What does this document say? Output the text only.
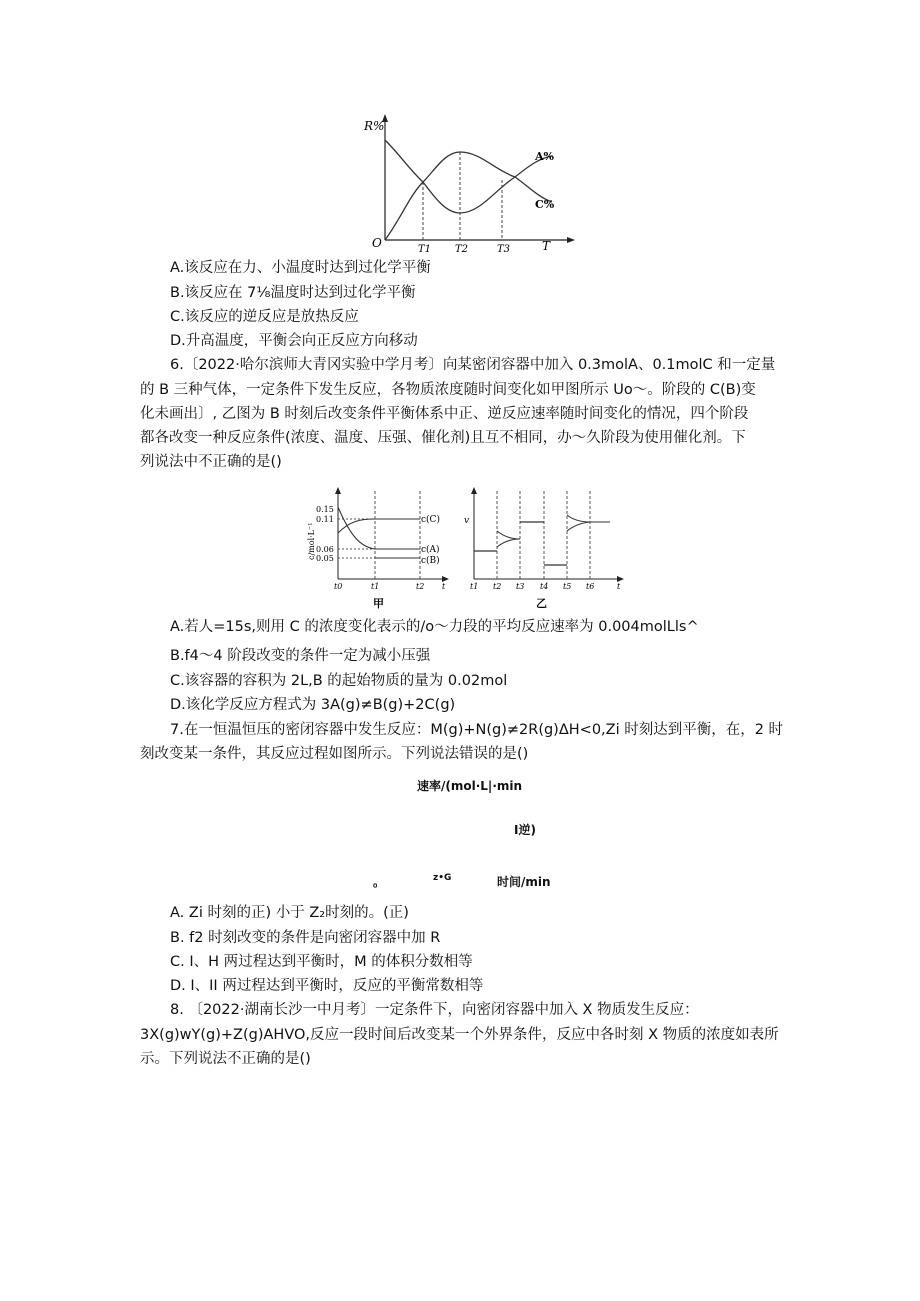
R%
O	T
A%
C%
T1 T2	T3
A.该反应在力、小温度时达到过化学平衡
B.该反应在 7⅛温度时达到过化学平衡
C.该反应的逆反应是放热反应
D.升高温度，平衡会向正反应方向移动
6.〔2022·哈尔滨师大青冈实验中学月考〕向某密闭容器中加入 0.3molA、0.1molC 和一定量
的 B 三种气体，一定条件下发生反应，各物质浓度随时间变化如甲图所示 Uo～。阶段的 C(B)变
化未画出〕, 乙图为 B 时刻后改变条件平衡体系中正、逆反应速率随时间变化的情况，四个阶段
都各改变一种反应条件(浓度、温度、压强、催化剂)且互不相同，办～久阶段为使用催化剂。下
列说法中不正确的是()
c/mol·L⁻¹
0.15
0.11
0.06
0.05
c(C)
c(A)
c(B)
t0	t1	t2 t
甲
v
t1 t2 t3 t4 t5 t6	t
乙
A.若人=15s,则用 C 的浓度变化表示的/o～力段的平均反应速率为 0.004molLls^
B.f4～4 阶段改变的条件一定为减小压强
C.该容器的容积为 2L,B 的起始物质的量为 0.02mol
D.该化学反应方程式为 3A(g)≠B(g)+2C(g)
7.在一恒温恒压的密闭容器中发生反应：M(g)+N(g)≠2R(g)ΔH<0,Zi 时刻达到平衡，在，2 时
刻改变某一条件，其反应过程如图所示。下列说法错误的是()
速率/(mol·L|·min
I逆)
。	z•G	时间/min
A. Zi 时刻的正) 小于 Z₂时刻的。(正)
B. f2 时刻改变的条件是向密闭容器中加 R
C. I、H 两过程达到平衡时，M 的体积分数相等
D. I、II 两过程达到平衡时，反应的平衡常数相等
8. 〔2022·湖南长沙一中月考〕一定条件下，向密闭容器中加入 X 物质发生反应：
3X(g)wY(g)+Z(g)AHVO,反应一段时间后改变某一个外界条件，反应中各时刻 X 物质的浓度如表所
示。下列说法不正确的是()
